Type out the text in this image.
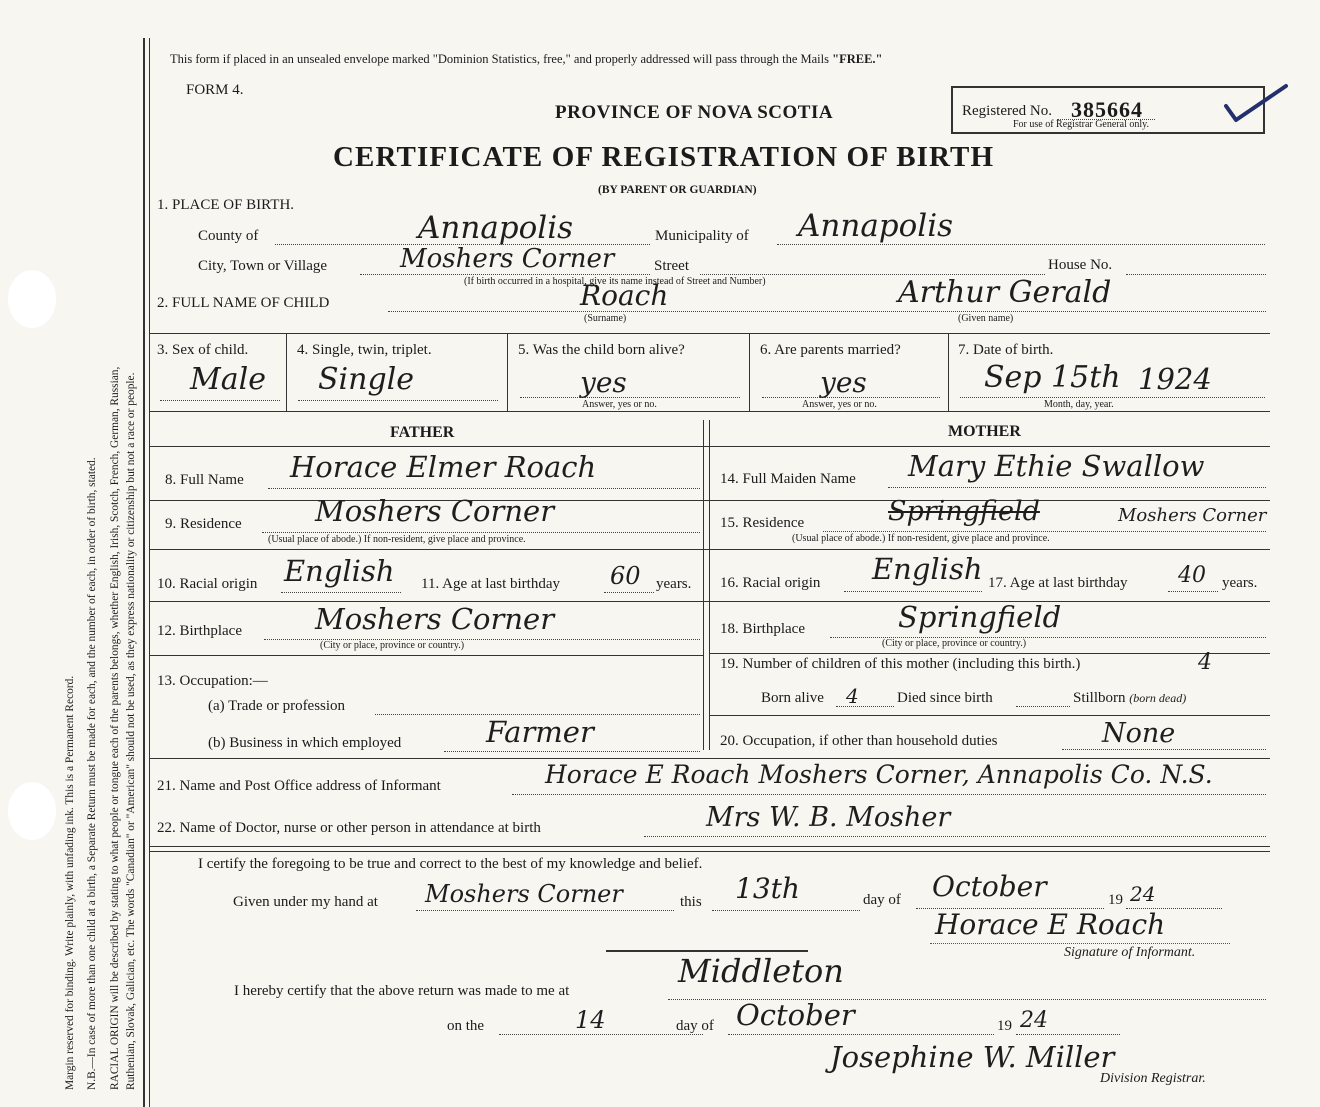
Margin reserved for binding. Write plainly, with unfading ink. This is a Permanent Record. N.B.—In case of more than one child at a birth, a Separate Return must be made for each, and the number of each, in order of birth, stated. RACIAL ORIGIN will be described by stating to what people or tongue each of the parents belongs, whether English, Irish, Scotch, French, German, Russian, Ruthenian, Slovak, Galician, etc. The words "Canadian" or "American" should not be used, as they express nationality or citizenship but not a race or people.
This form if placed in an unsealed envelope marked "Dominion Statistics, free," and properly addressed will pass through the Mails "FREE."
FORM 4.
PROVINCE OF NOVA SCOTIA	Registered No. 385664
For use of Registrar General only.
CERTIFICATE OF REGISTRATION OF BIRTH
(BY PARENT OR GUARDIAN)
1. PLACE OF BIRTH.
County of	Annapolis	Municipality of Annapolis
City, Town or Village	Moshers Corner	Street	House No.
(If birth occurred in a hospital, give its name instead of Street and Number)
2. FULL NAME OF CHILD	Roach
(Surname)
Arthur Gerald
(Given name)
3. Sex of child.
Male
4. Single, twin, triplet.
Single
5. Was the child born alive?
yes
Answer, yes or no.
6. Are parents married?
yes
Answer, yes or no.
7. Date of birth.
Sep 15th 1924
Month, day, year.
FATHER	MOTHER
8. Full Name Horace Elmer Roach	14. Full Maiden Name Mary Ethie Swallow
9. Residence	Moshers Corner
(Usual place of abode.) If non-resident, give place and province.
15. Residence	Springfield	Moshers Corner
(Usual place of abode.) If non-resident, give place and province.
10. Racial origin English 11. Age at last birthday 60 years. 16. Racial origin English 17. Age at last birthday 40 years.
12. Birthplace	Moshers Corner
(City or place, province or country.)
18. Birthplace	Springfield
(City or place, province or country.)
13. Occupation:—
(a) Trade or profession
(b) Business in which employed	Farmer
19. Number of children of this mother (including this birth.)	4
Born alive 4	Died since birth	Stillborn (born dead)
20. Occupation, if other than household duties	None
21. Name and Post Office address of Informant	Horace E Roach Moshers Corner, Annapolis Co. N.S.
22. Name of Doctor, nurse or other person in attendance at birth	Mrs W. B. Mosher
I certify the foregoing to be true and correct to the best of my knowledge and belief.
Given under my hand at Moshers Corner	this 13th	day of October	19 24
Horace E Roach
Signature of Informant.
I hereby certify that the above return was made to me at
Middleton
on the	14	day of October	19 24
Josephine W. Miller
Division Registrar.
